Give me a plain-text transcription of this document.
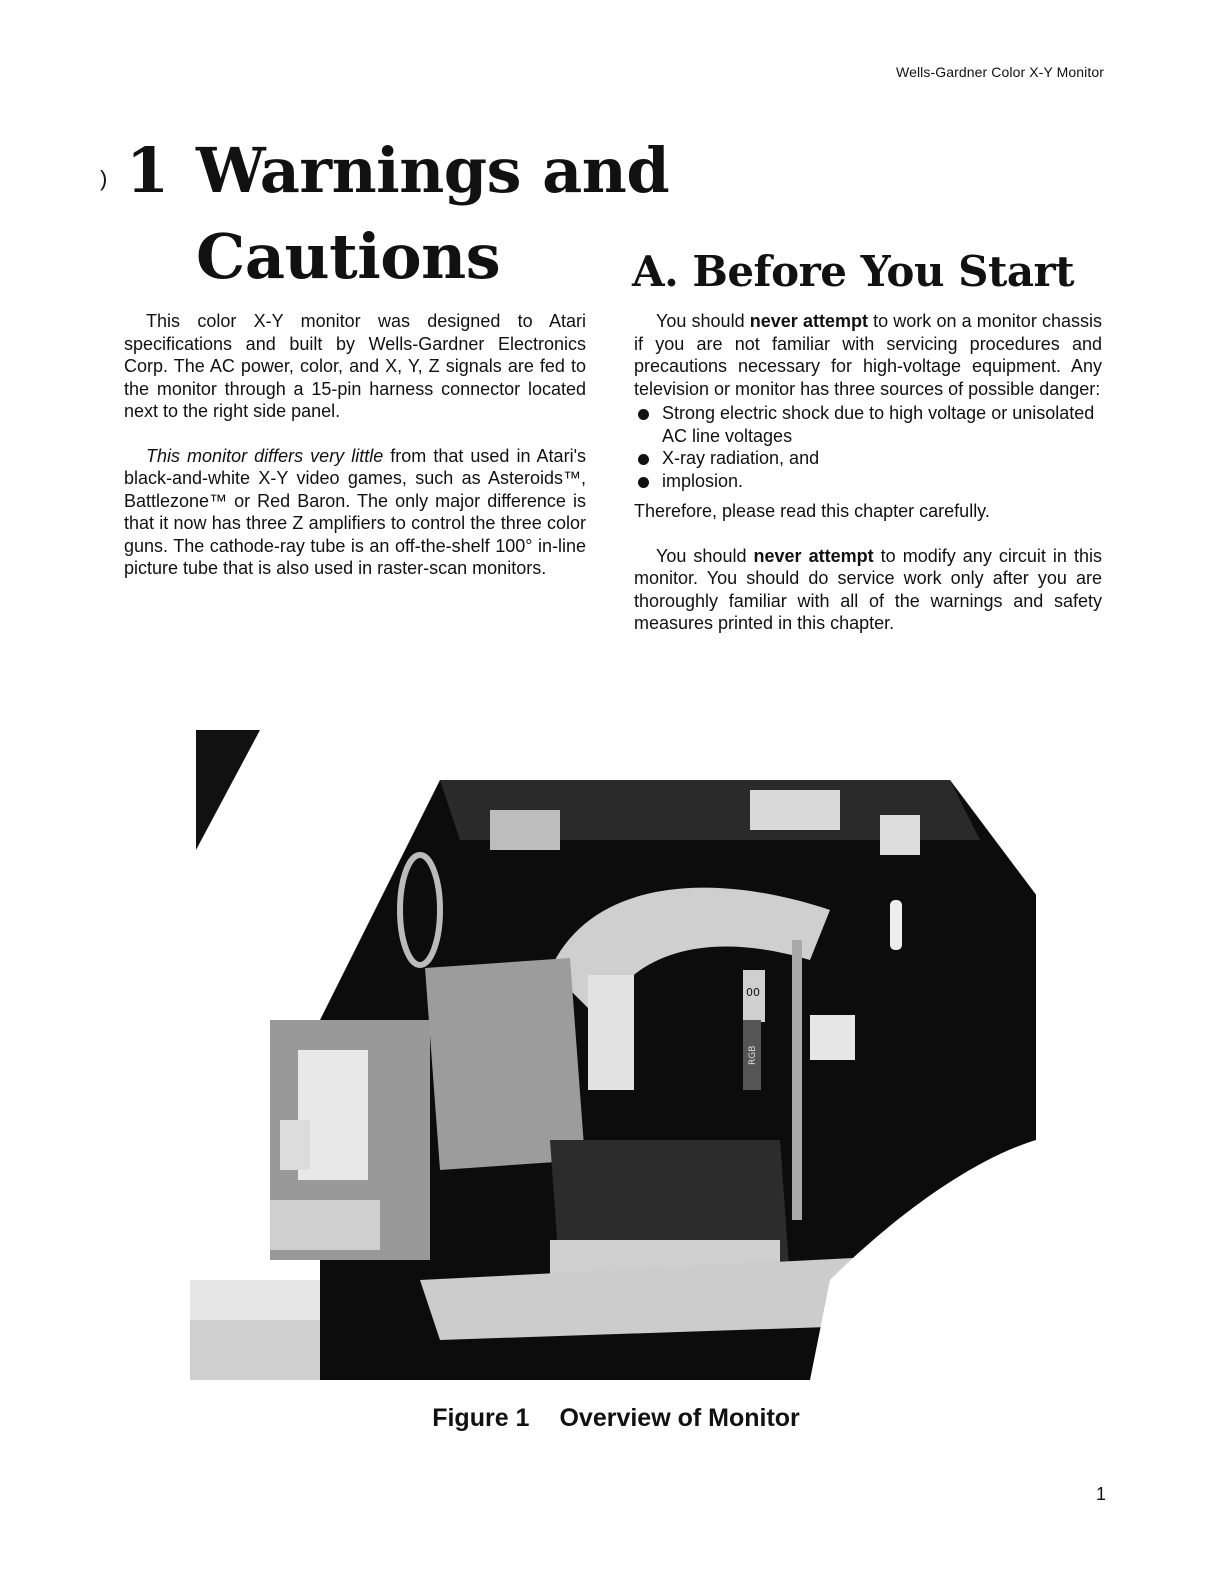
Wells-Gardner Color X-Y Monitor
) 1 Warnings and
Cautions	A. Before You Start

This color X-Y monitor was designed to Atari specifications and built by Wells-Gardner Electronics Corp. The AC power, color, and X, Y, Z signals are fed to the monitor through a 15-pin harness connector located next to the right side panel.

This monitor differs very little from that used in Atari's black-and-white X-Y video games, such as Asteroids™, Battlezone™ or Red Baron. The only major difference is that it now has three Z amplifiers to control the three color guns. The cathode-ray tube is an off-the-shelf 100° in-line picture tube that is also used in raster-scan monitors.

You should never attempt to work on a monitor chassis if you are not familiar with servicing procedures and precautions necessary for high-voltage equipment. Any television or monitor has three sources of possible danger:

Strong electric shock due to high voltage or unisolated AC line voltages
X-ray radiation, and
implosion.

Therefore, please read this chapter carefully.

You should never attempt to modify any circuit in this monitor. You should do service work only after you are thoroughly familiar with all of the warnings and safety measures printed in this chapter.

00
RGB
Figure 1 Overview of Monitor
1
